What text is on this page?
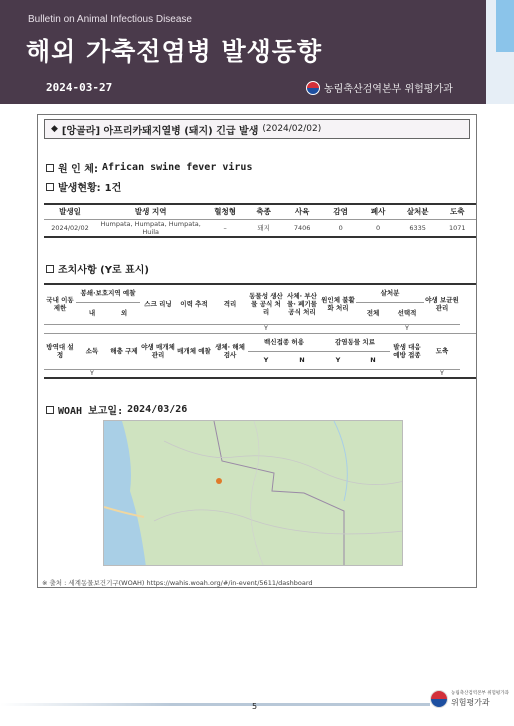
Bulletin on Animal Infectious Disease
해외 가축전염병 발생동향
2024-03-27	농림축산검역본부 위험평가과
◆ [앙골라] 아프리카돼지열병 (돼지) 긴급 발생 (2024/02/02)
원 인 체: African swine fever virus
발생현황: 1건
발생일	발생 지역	혈청형	축종	사육	감염	폐사	살처분	도축
2024/02/02	Humpata, Humpata, Humpata, Huila	–	돼지	7406	0	0	6335	1071
조치사항 (Y로 표시)
국내 이동 제한	봉쇄·보호지역 예찰		스크 리닝	이력 추적	격리	동물성 생산물 공식 처리	사체· 부산물· 폐기물 공식 처리	원인체 불활화 처리	살처분		야생 보균원 관리	
	내	외							전체	선택적		
						Y				Y		
방역대 설정	소독	해충 구제	야생 매개체 관리	매개체 예찰	생체· 해체 검사	백신접종 허용		감염동물 치료		발생 대응 예방 접종	도축	
						Y	N	Y	N			
	Y										Y	
WOAH 보고일: 2024/03/26
※ 출처 : 세계동물보건기구(WOAH) https://wahis.woah.org/#/in-event/5611/dashboard
5
농림축산검역본부 위험평가과
위험평가과
